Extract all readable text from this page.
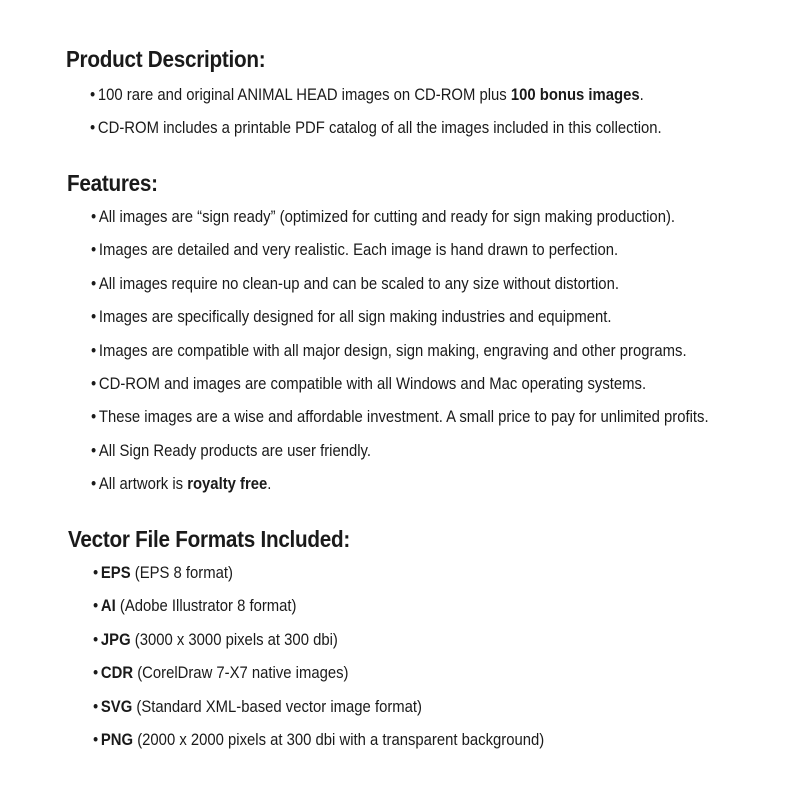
Product Description:
• 100 rare and original ANIMAL HEAD images on CD-ROM plus 100 bonus images.
• CD-ROM includes a printable PDF catalog of all the images included in this collection.
Features:
• All images are “sign ready” (optimized for cutting and ready for sign making production).
• Images are detailed and very realistic. Each image is hand drawn to perfection.
• All images require no clean-up and can be scaled to any size without distortion.
• Images are specifically designed for all sign making industries and equipment.
• Images are compatible with all major design, sign making, engraving and other programs.
• CD-ROM and images are compatible with all Windows and Mac operating systems.
• These images are a wise and affordable investment. A small price to pay for unlimited profits.
• All Sign Ready products are user friendly.
• All artwork is royalty free.
Vector File Formats Included:
• EPS (EPS 8 format)
• AI (Adobe Illustrator 8 format)
• JPG (3000 x 3000 pixels at 300 dbi)
• CDR (CorelDraw 7-X7 native images)
• SVG (Standard XML-based vector image format)
• PNG (2000 x 2000 pixels at 300 dbi with a transparent background)
